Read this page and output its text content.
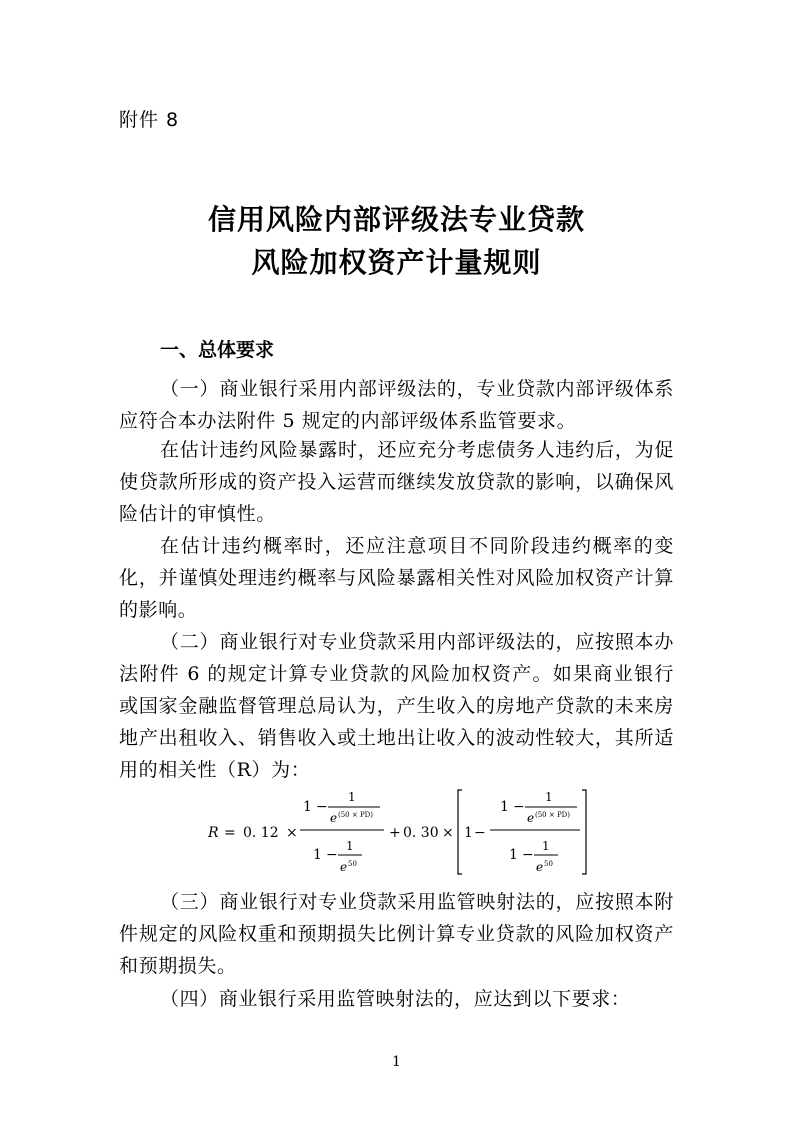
附件 8
信用风险内部评级法专业贷款
风险加权资产计量规则
一、总体要求
（一）商业银行采用内部评级法的，专业贷款内部评级体系应符合本办法附件 5 规定的内部评级体系监管要求。
在估计违约风险暴露时，还应充分考虑债务人违约后，为促使贷款所形成的资产投入运营而继续发放贷款的影响，以确保风险估计的审慎性。
在估计违约概率时，还应注意项目不同阶段违约概率的变化，并谨慎处理违约概率与风险暴露相关性对风险加权资产计算的影响。
（二）商业银行对专业贷款采用内部评级法的，应按照本办法附件 6 的规定计算专业贷款的风险加权资产。如果商业银行或国家金融监督管理总局认为，产生收入的房地产贷款的未来房地产出租收入、销售收入或土地出让收入的波动性较大，其所适用的相关性（R）为：
R = 0. 12 ×
1 −
1
e (50 × PD)
1 −
1
e 50
+ 0. 30 × 1 −
1 −
1
e (50 × PD)
1 −
1
e 50
（三）商业银行对专业贷款采用监管映射法的，应按照本附件规定的风险权重和预期损失比例计算专业贷款的风险加权资产和预期损失。
（四）商业银行采用监管映射法的，应达到以下要求：
1
